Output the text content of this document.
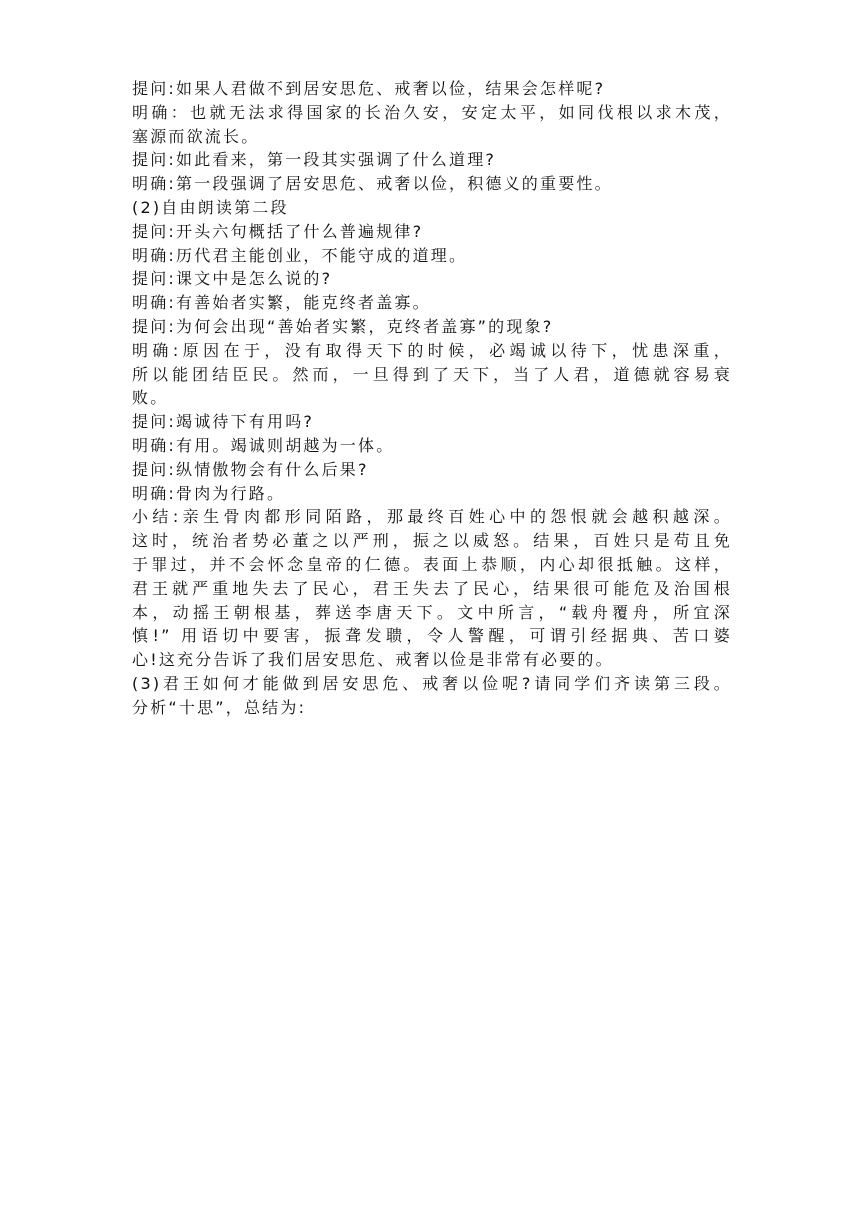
提问:如果人君做不到居安思危、戒奢以俭，结果会怎样呢?

明确：也就无法求得国家的长治久安，安定太平，如同伐根以求木茂，

塞源而欲流长。

提问:如此看来，第一段其实强调了什么道理?

明确:第一段强调了居安思危、戒奢以俭，积德义的重要性。

(2)自由朗读第二段

提问:开头六句概括了什么普遍规律?

明确:历代君主能创业，不能守成的道理。

提问:课文中是怎么说的?

明确:有善始者实繁，能克终者盖寡。

提问:为何会出现“善始者实繁，克终者盖寡”的现象?

明确:原因在于，没有取得天下的时候，必竭诚以待下，忧患深重，

所以能团结臣民。然而，一旦得到了天下，当了人君，道德就容易衰

败。

提问:竭诚待下有用吗?

明确:有用。竭诚则胡越为一体。

提问:纵情傲物会有什么后果?

明确:骨肉为行路。

小结:亲生骨肉都形同陌路，那最终百姓心中的怨恨就会越积越深。

这时，统治者势必董之以严刑，振之以威怒。结果，百姓只是苟且免

于罪过，并不会怀念皇帝的仁德。表面上恭顺，内心却很抵触。这样，

君王就严重地失去了民心，君王失去了民心，结果很可能危及治国根

本，动摇王朝根基，葬送李唐天下。文中所言，“载舟覆舟，所宜深

慎!” 用语切中要害，振聋发聩，令人警醒，可谓引经据典、苦口婆

心!这充分告诉了我们居安思危、戒奢以俭是非常有必要的。

(3)君王如何才能做到居安思危、戒奢以俭呢?请同学们齐读第三段。

分析“十思”，总结为:
